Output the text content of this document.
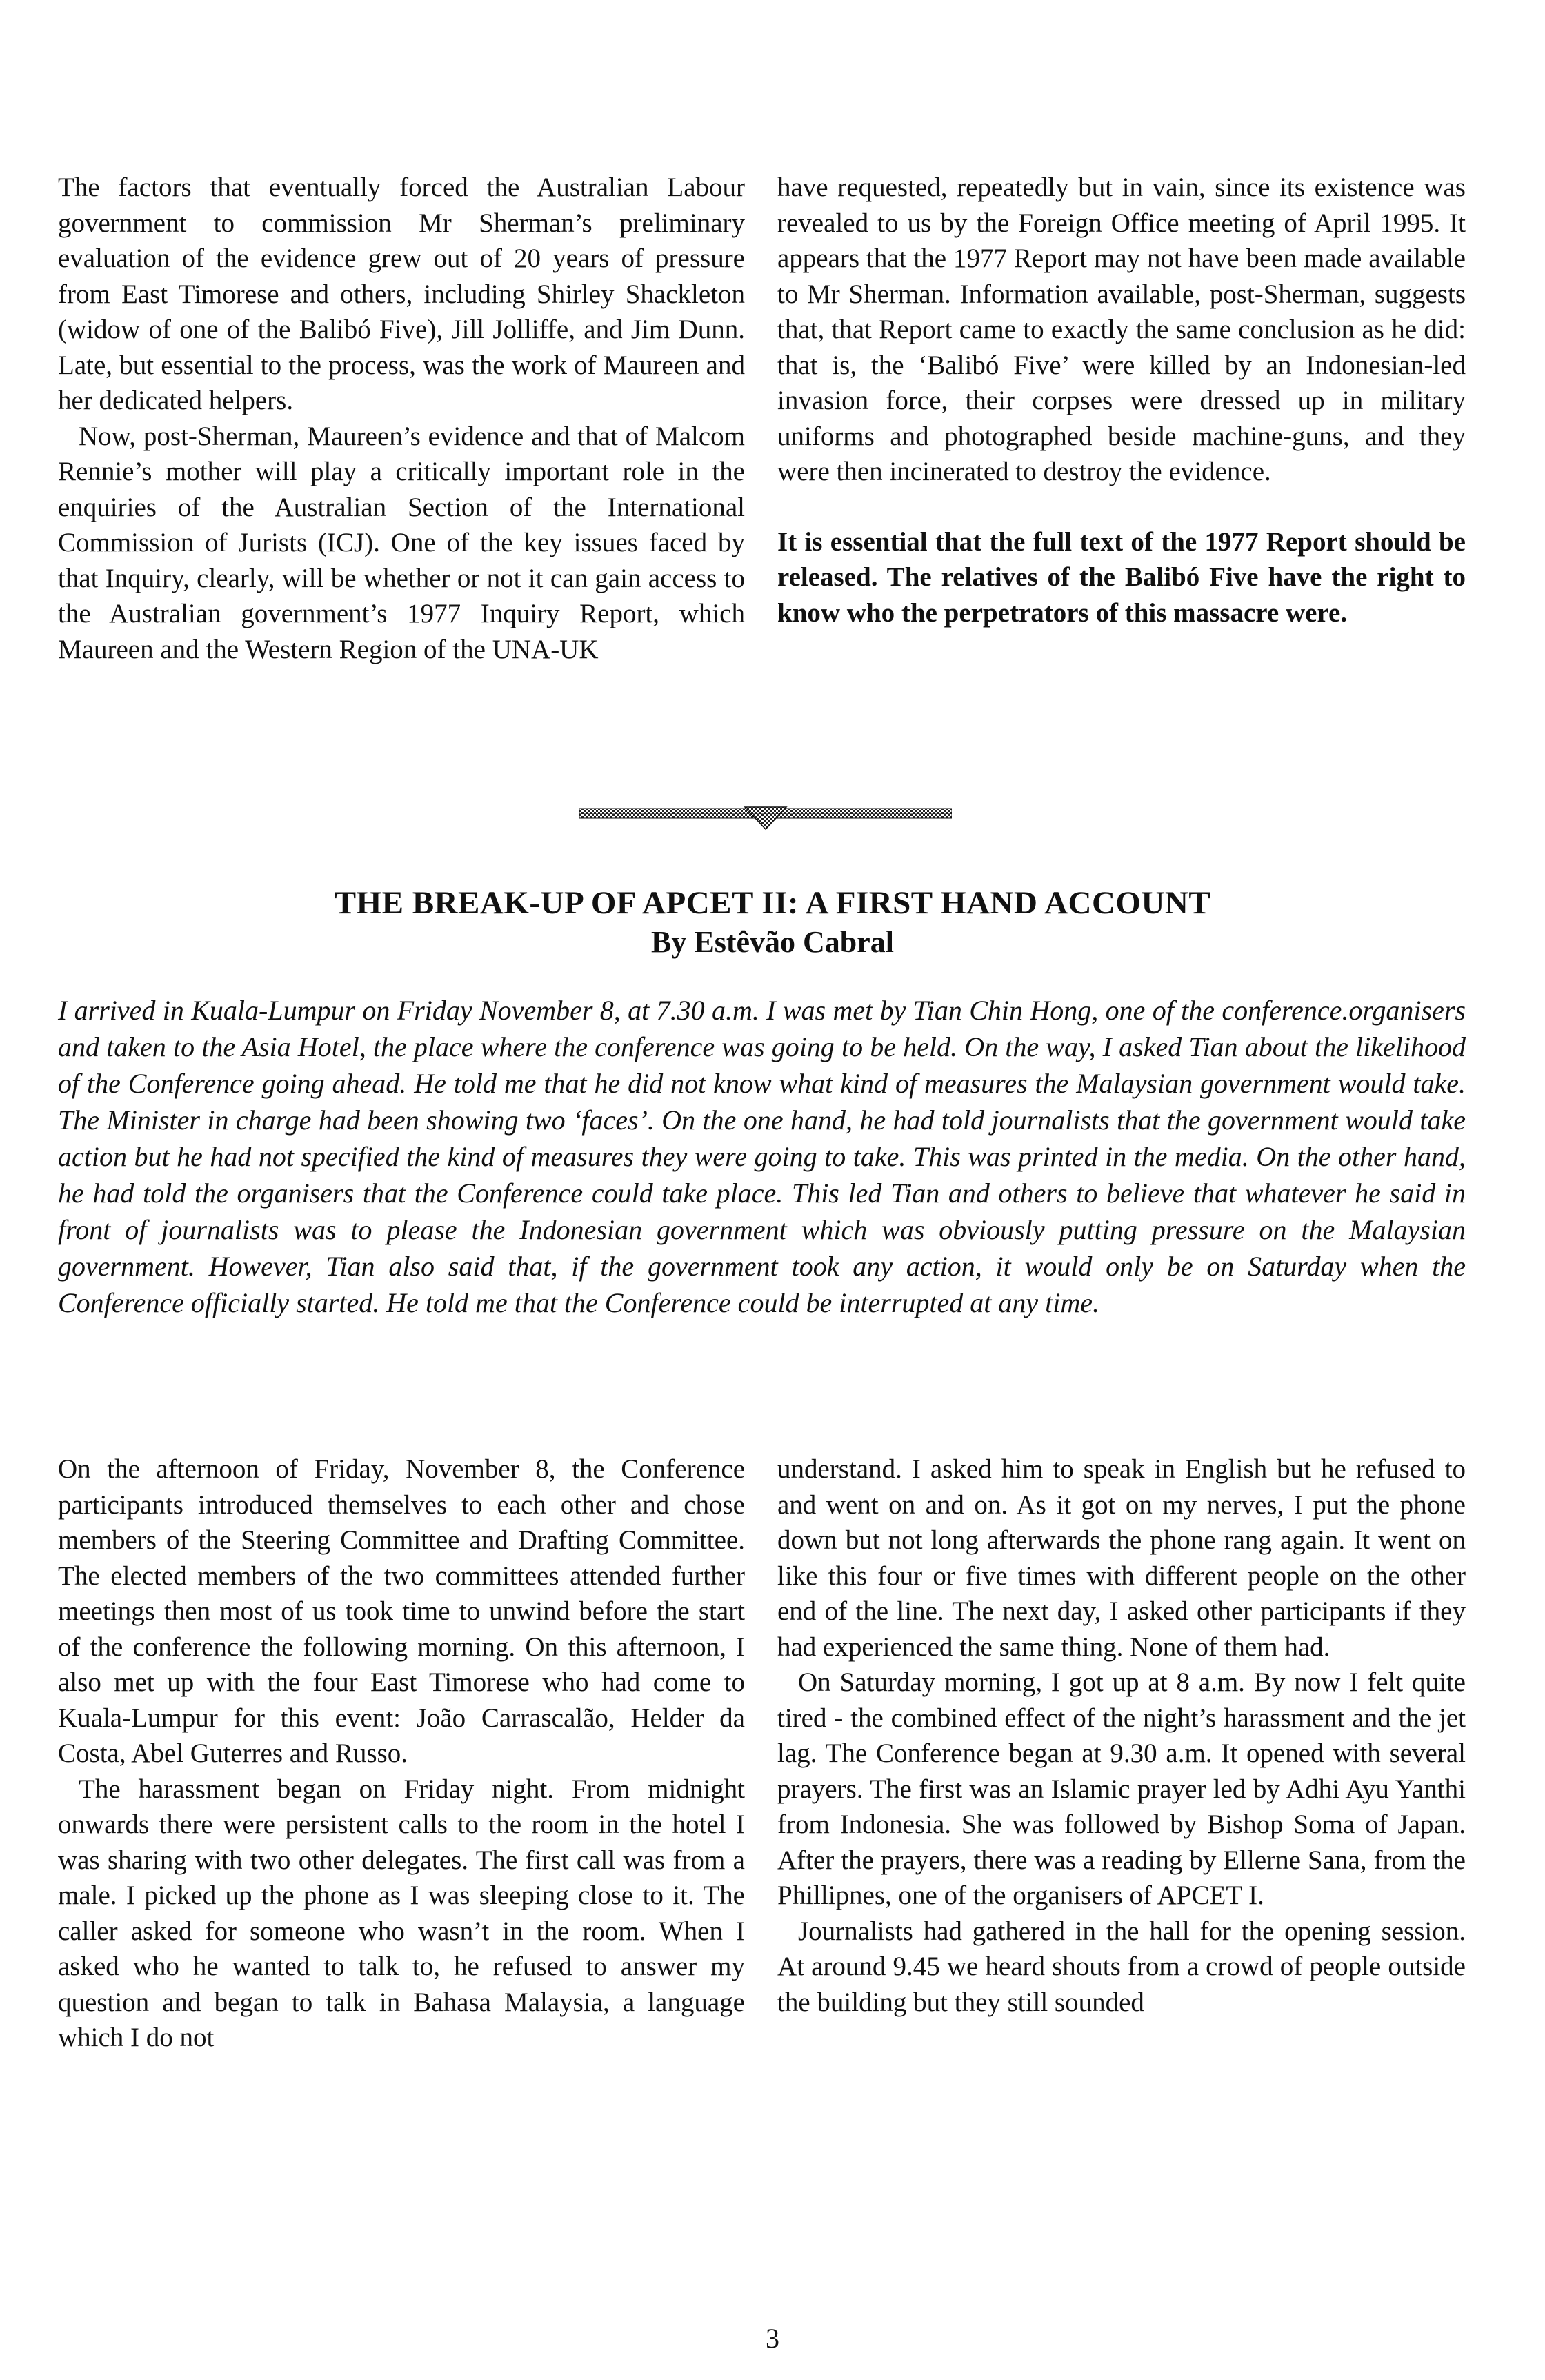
The factors that eventually forced the Australian Labour government to commission Mr Sherman’s preliminary evaluation of the evidence grew out of 20 years of pressure from East Timorese and others, including Shirley Shackleton (widow of one of the Balibó Five), Jill Jolliffe, and Jim Dunn. Late, but essential to the process, was the work of Maureen and her dedicated helpers.

Now, post-Sherman, Maureen’s evidence and that of Malcom Rennie’s mother will play a critically important role in the enquiries of the Australian Section of the International Commission of Jurists (ICJ). One of the key issues faced by that Inquiry, clearly, will be whether or not it can gain access to the Australian government’s 1977 Inquiry Report, which Maureen and the Western Region of the UNA-UK

have requested, repeatedly but in vain, since its existence was revealed to us by the Foreign Office meeting of April 1995. It appears that the 1977 Report may not have been made available to Mr Sherman. Information available, post-Sherman, suggests that, that Report came to exactly the same conclusion as he did: that is, the ‘Balibó Five’ were killed by an Indonesian-led invasion force, their corpses were dressed up in military uniforms and photographed beside machine-guns, and they were then incinerated to destroy the evidence.

It is essential that the full text of the 1977 Report should be released. The relatives of the Balibó Five have the right to know who the perpetrators of this massacre were.

THE BREAK-UP OF APCET II: A FIRST HAND ACCOUNT
By Estêvão Cabral

I arrived in Kuala-Lumpur on Friday November 8, at 7.30 a.m. I was met by Tian Chin Hong, one of the conference.organisers and taken to the Asia Hotel, the place where the conference was going to be held. On the way, I asked Tian about the likelihood of the Conference going ahead. He told me that he did not know what kind of measures the Malaysian government would take. The Minister in charge had been showing two ‘faces’. On the one hand, he had told journalists that the government would take action but he had not specified the kind of measures they were going to take. This was printed in the media. On the other hand, he had told the organisers that the Conference could take place. This led Tian and others to believe that whatever he said in front of journalists was to please the Indonesian government which was obviously putting pressure on the Malaysian government. However, Tian also said that, if the government took any action, it would only be on Saturday when the Conference officially started. He told me that the Conference could be interrupted at any time.

On the afternoon of Friday, November 8, the Conference participants introduced themselves to each other and chose members of the Steering Committee and Drafting Committee. The elected members of the two committees attended further meetings then most of us took time to unwind before the start of the conference the following morning. On this afternoon, I also met up with the four East Timorese who had come to Kuala-Lumpur for this event: João Carrascalão, Helder da Costa, Abel Guterres and Russo.

The harassment began on Friday night. From midnight onwards there were persistent calls to the room in the hotel I was sharing with two other delegates. The first call was from a male. I picked up the phone as I was sleeping close to it. The caller asked for someone who wasn’t in the room. When I asked who he wanted to talk to, he refused to answer my question and began to talk in Bahasa Malaysia, a language which I do not

understand. I asked him to speak in English but he refused to and went on and on. As it got on my nerves, I put the phone down but not long afterwards the phone rang again. It went on like this four or five times with different people on the other end of the line. The next day, I asked other participants if they had experienced the same thing. None of them had.

On Saturday morning, I got up at 8 a.m. By now I felt quite tired - the combined effect of the night’s harassment and the jet lag. The Conference began at 9.30 a.m. It opened with several prayers. The first was an Islamic prayer led by Adhi Ayu Yanthi from Indonesia. She was followed by Bishop Soma of Japan. After the prayers, there was a reading by Ellerne Sana, from the Phillipnes, one of the organisers of APCET I.

Journalists had gathered in the hall for the opening session. At around 9.45 we heard shouts from a crowd of people outside the building but they still sounded

3
